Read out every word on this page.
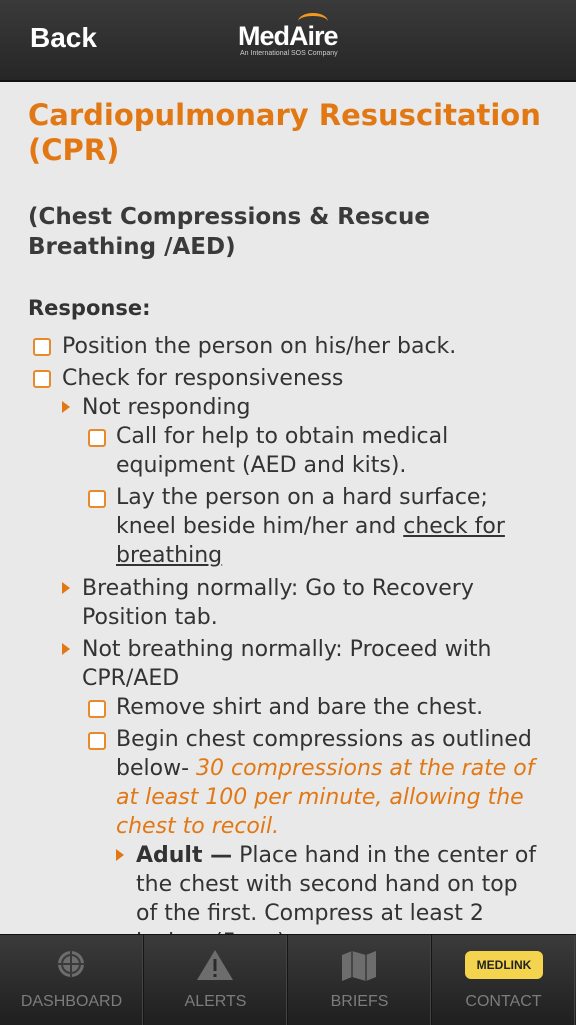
Back	MedAire
An International SOS Company
Cardiopulmonary Resuscitation (CPR)
(Chest Compressions & Rescue Breathing /AED)
Response:
Position the person on his/her back.
Check for responsiveness
Not responding
Call for help to obtain medical
equipment (AED and kits).
Lay the person on a hard surface;
kneel beside him/her and check for
breathing
Breathing normally: Go to Recovery
Position tab.
Not breathing normally: Proceed with
CPR/AED
Remove shirt and bare the chest.
Begin chest compressions as outlined
below- 30 compressions at the rate of
at least 100 per minute, allowing the
chest to recoil.
Adult — Place hand in the center of
the chest with second hand on top
of the first. Compress at least 2
DASHBOARD	ALERTS	BRIEFS
MEDLINK
CONTACT
